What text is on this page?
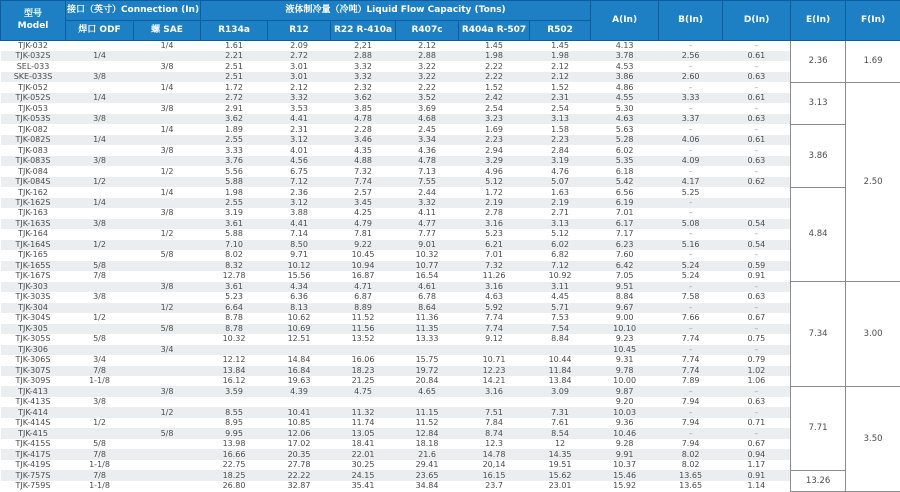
型号
Model	接口（英寸）Connection (In)		液体制冷量（冷吨）Liquid Flow Capacity (Tons)						A(In)	B(In)	D(In)	E(In)	F(In)
	焊口 ODF	螺 SAE	R134a	R12	R22 R-410a	R407c	R404a R-507	R502					
TJK-032		1/4	1.61	2.09	2,21	2.12	1.45	1.45	4.13	–	–	2.36	1.69
TJK-032S	1/4		2.21	2.72	2.88	2.88	1.98	1.98	3.78	2.56	0.61		
SEL-033		3/8	2.51	3.01	3.32	3.22	2.22	2.12	4.53	–	–		
SKE-033S	3/8		2.51	3.01	3.32	3.22	2.22	2.12	3.86	2.60	0.63		
TJK-052		1/4	1.72	2.12	2.32	2.22	1.52	1.52	4.86	–	–	3.13	2.50
TJK-052S	1/4		2.72	3.32	3.62	3.52	2.42	2.31	4.55	3.33	0.61		
TJK-053		3/8	2.91	3.53	3.85	3.69	2.54	2.54	5.30	–	–		
TJK-053S	3/8		3.62	4.41	4.78	4.68	3.23	3.13	4.63	3.37	0.63		
TJK-082		1/4	1.89	2.31	2.28	2.45	1.69	1.58	5.63	–	–	3.86	
TJK-082S	1/4		2.55	3.12	3.46	3.34	2.23	2.23	5.28	4.06	0.61		
TJK-083		3/8	3.33	4.01	4.35	4.36	2.94	2.84	6.02	–	–		
TJK-083S	3/8		3.76	4.56	4.88	4.78	3.29	3.19	5.35	4.09	0.63		
TJK-084		1/2	5.56	6.75	7.32	7.13	4.96	4.76	6.18	–	–		
TJK-084S	1/2		5.88	7.12	7.74	7.55	5.12	5.07	5.42	4.17	0.62		
TJK-162		1/4	1.98	2.36	2.57	2.44	1.72	1.63	6.56	5.25		4.84	
TJK-162S	1/4		2.55	3.12	3.45	3.32	2.19	2.19	6.19	–			
TJK-163		3/8	3.19	3.88	4.25	4.11	2.78	2.71	7.01	–			
TJK-163S	3/8		3.61	4.41	4.79	4.77	3.16	3.13	6.17	5.08	0.54		
TJK-164		1/2	5.88	7.14	7.81	7.77	5.23	5.12	7.17	–	–		
TJK-164S	1/2		7.10	8.50	9.22	9.01	6.21	6.02	6.23	5.16	0.54		
TJK-165		5/8	8.02	9.71	10.45	10.32	7.01	6.82	7.60	–	–		
TJK-165S	5/8		8.32	10.12	10.94	10.77	7.32	7.12	6.42	5.24	0.59		
TJK-167S	7/8		12.78	15.56	16.87	16.54	11.26	10.92	7.05	5.24	0.91		
TJK-303		3/8	3.61	4.34	4.71	4.61	3.16	3.11	9.51	–	–	7.34	3.00
TJK-303S	3/8		5.23	6.36	6.87	6.78	4.63	4.45	8.84	7.58	0.63		
TJK-304		1/2	6.64	8.13	8.89	8.64	5.92	5.71	9.67	–	–		
TJK-304S	1/2		8.78	10.62	11.52	11.36	7.74	7.53	9.00	7.66	0.67		
TJK-305		5/8	8.78	10.69	11.56	11.35	7.74	7.54	10.10	–	–		
TJK-305S	5/8		10.32	12.51	13.52	13.33	9.12	8.84	9.23	7.74	0.75		
TJK-306		3/4							10.45	–	–		
TJK-306S	3/4		12.12	14.84	16.06	15.75	10.71	10.44	9.31	7.74	0.79		
TJK-307S	7/8		13.84	16.84	18.23	19.72	12.23	11.84	9.78	7.74	1.02		
TJK-309S	1-1/8		16.12	19.63	21.25	20.84	14.21	13.84	10.00	7.89	1.06		
TJK-413		3/8	3.59	4.39	4.75	4.65	3.16	3.09	9.87	–	–	7.71	3.50
TJK-413S	3/8								9.20	7.94	0.63		
TJK-414		1/2	8.55	10.41	11.32	11.15	7.51	7.31	10.03	–	–		
TJK-414S	1/2		8.95	10.85	11.74	11.52	7.84	7.61	9.36	7.94	0.71		
TJK-415		5/8	9.95	12.06	13.05	12.84	8.74	8.54	10.46	–	–		
TJK-415S	5/8		13.98	17.02	18.41	18.18	12.3	12	9.28	7.94	0.67		
TJK-417S	7/8		16.66	20.35	22.01	21.6	14.78	14.35	9.91	8.02	0.94		
TJK-419S	1-1/8		22.75	27.78	30.25	29.41	20,14	19.51	10.37	8.02	1.17		
TJK-757S	7/8		18.25	22.22	24.15	23.65	16.15	15.62	15.46	13.65	0.91	13.26	
TJK-759S	1-1/8		26.80	32.87	35.41	34.84	23.7	23.01	15.92	13.65	1.14		
